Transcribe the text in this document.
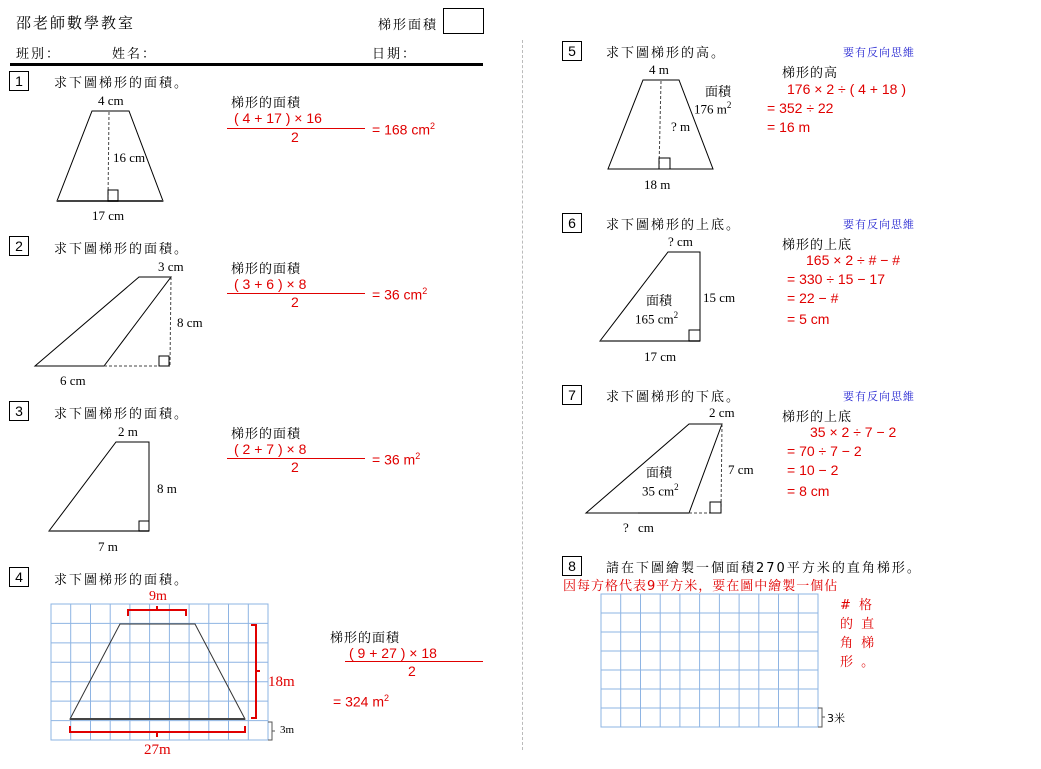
邵老師數學教室	梯形面積
班別：	姓名：	日期：
1	求下圖梯形的面積。
4 cm
16 cm
17 cm
梯形的面積
( 4 + 17 ) × 16
2	= 168 $cm^2$
2	求下圖梯形的面積。
3 cm
8 cm
6 cm
梯形的面積
( 3 + 6 ) × 8
2	= 36 $cm^2$
3	求下圖梯形的面積。
2 m
8 m
7 m
梯形的面積
( 2 + 7 ) × 8
2	= 36 $m^2$
4	求下圖梯形的面積。
9m
18m
27m
3m
梯形的面積
( 9 + 27 ) × 18
2
= 324 $m^2$
5	求下圖梯形的高。	要有反向思維
4 m
面積
176 $m^2$
? m
18 m
梯形的高
176 × 2 ÷ ( 4 + 18 )
= 352 ÷ 22
= 16 m
6	求下圖梯形的上底。	要有反向思維
? cm
15 cm
面積
165 $cm^2$
17 cm
梯形的上底
165 × 2 ÷ # − #
= 330 ÷ 15 − 17
= 22 − #
= 5 cm
7	求下圖梯形的下底。	要有反向思維
2 cm
7 cm
面積
35 $cm^2$
? cm
梯形的上底
35 × 2 ÷ 7 − 2
= 70 ÷ 7 − 2
= 10 − 2
= 8 cm
8	請在下圖繪製一個面積270平方米的直角梯形。
因每方格代表9平方米，要在圖中繪製一個佔
# 格
的 直
角 梯
形 。
3米
